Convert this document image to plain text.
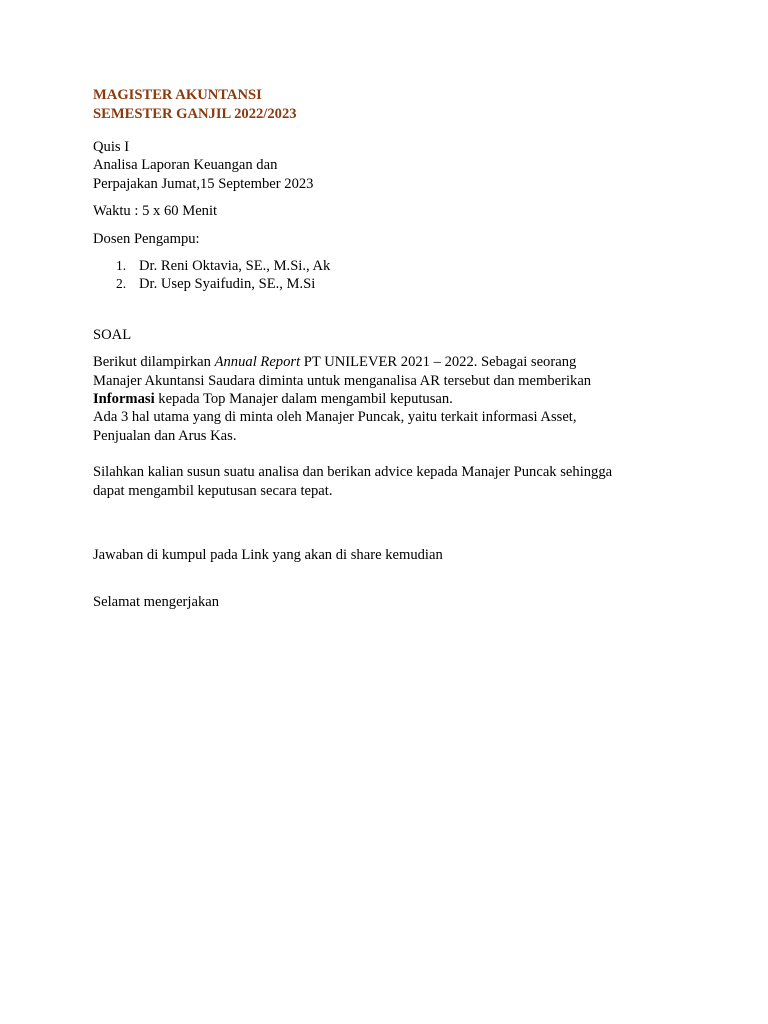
MAGISTER AKUNTANSI

SEMESTER GANJIL 2022/2023

Quis I
Analisa Laporan Keuangan dan
Perpajakan Jumat,15 September 2023
Waktu : 5 x 60 Menit
Dosen Pengampu:
1. Dr. Reni Oktavia, SE., M.Si., Ak
2. Dr. Usep Syaifudin, SE., M.Si
SOAL
Berikut dilampirkan Annual Report PT UNILEVER 2021 – 2022. Sebagai seorang
Manajer Akuntansi Saudara diminta untuk menganalisa AR tersebut dan memberikan
Informasi kepada Top Manajer dalam mengambil keputusan.
Ada 3 hal utama yang di minta oleh Manajer Puncak, yaitu terkait informasi Asset,
Penjualan dan Arus Kas.
Silahkan kalian susun suatu analisa dan berikan advice kepada Manajer Puncak sehingga
dapat mengambil keputusan secara tepat.
Jawaban di kumpul pada Link yang akan di share kemudian
Selamat mengerjakan
